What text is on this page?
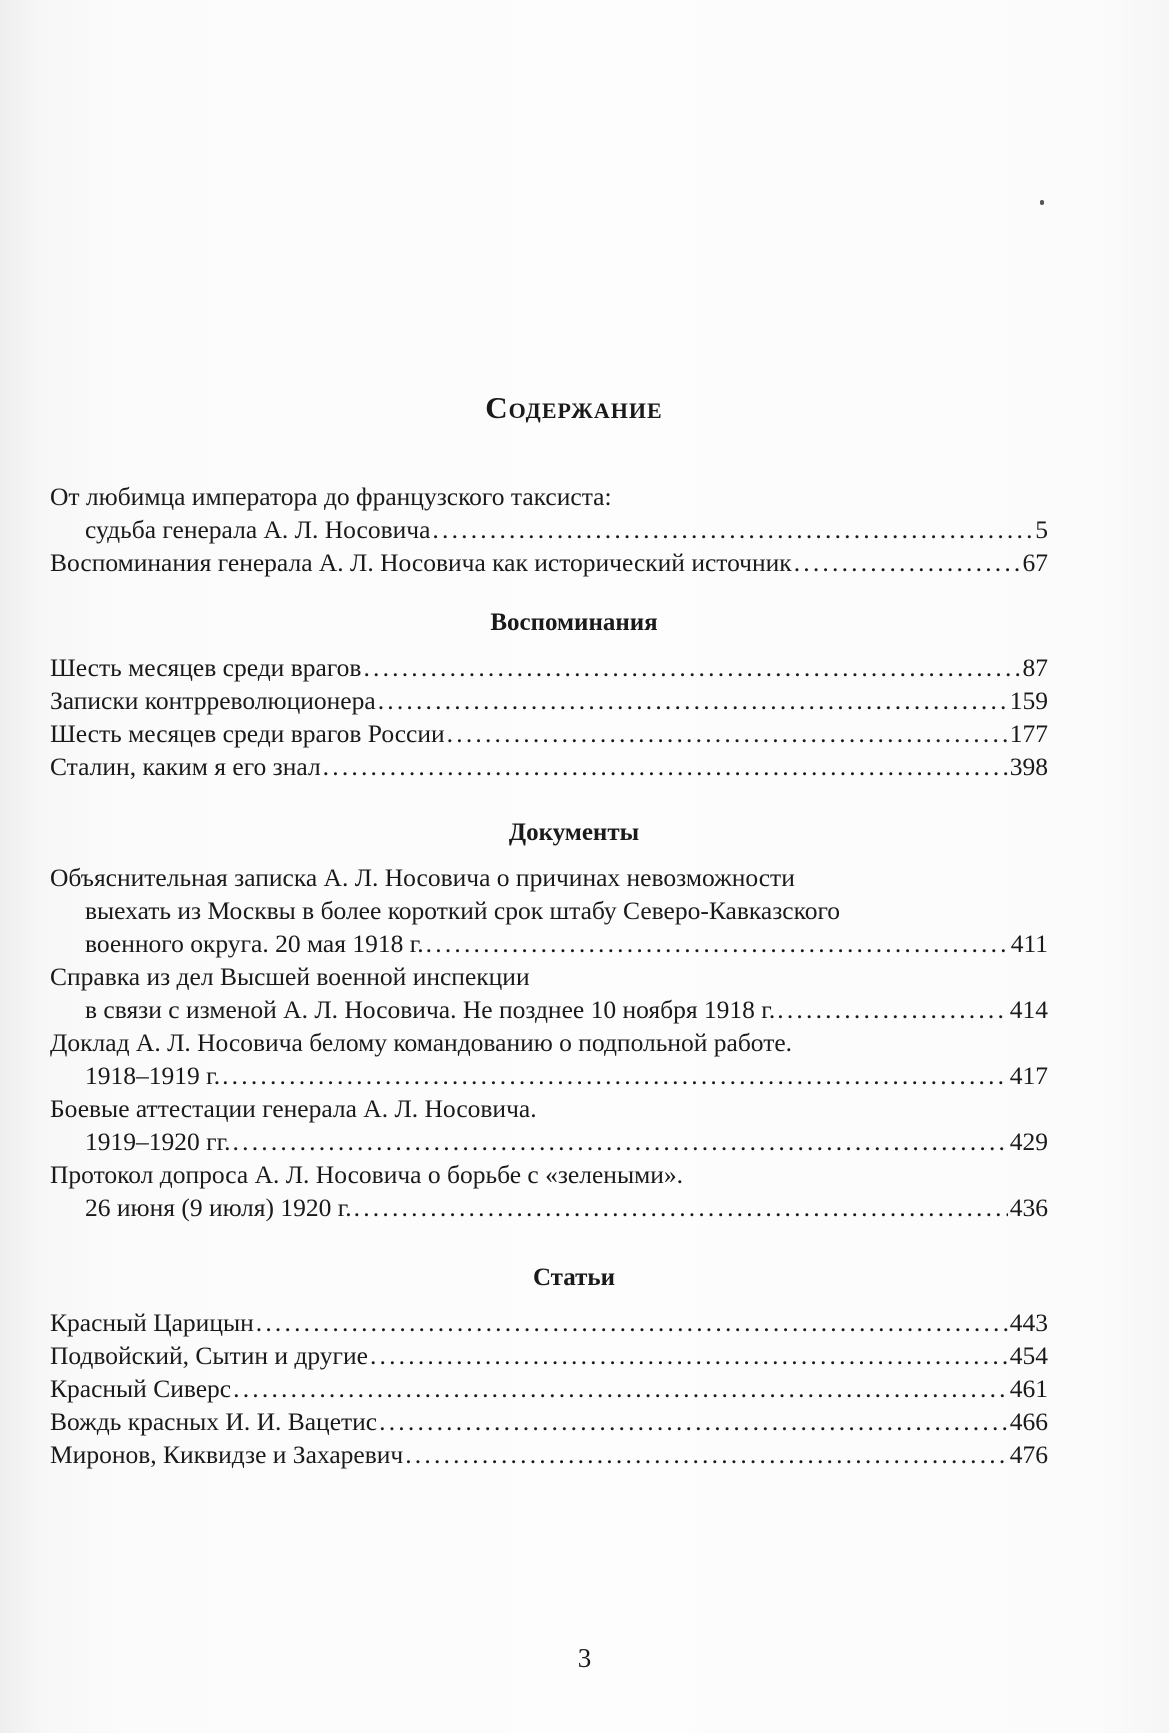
Содержание
От любимца императора до французского таксиста:
судьба генерала А. Л. Носовича .....	5
Воспоминания генерала А. Л. Носовича как исторический источник .....	67
Воспоминания
Шесть месяцев среди врагов .....	87
Записки контрреволюционера .....	159
Шесть месяцев среди врагов России .....	177
Сталин, каким я его знал .....	398
Документы
Объяснительная записка А. Л. Носовича о причинах невозможности
выехать из Москвы в более короткий срок штабу Северо-Кавказского
военного округа. 20 мая 1918 г. .....	411
Справка из дел Высшей военной инспекции
в связи с изменой А. Л. Носовича. Не позднее 10 ноября 1918 г. .....	414
Доклад А. Л. Носовича белому командованию о подпольной работе.
1918–1919 г. .....	417
Боевые аттестации генерала А. Л. Носовича.
1919–1920 гг. .....	429
Протокол допроса А. Л. Носовича о борьбе с «зелеными».
26 июня (9 июля) 1920 г. .....	436
Статьи
Красный Царицын .....	443
Подвойский, Сытин и другие .....	454
Красный Сиверс .....	461
Вождь красных И. И. Вацетис .....	466
Миронов, Киквидзе и Захаревич .....	476
3
